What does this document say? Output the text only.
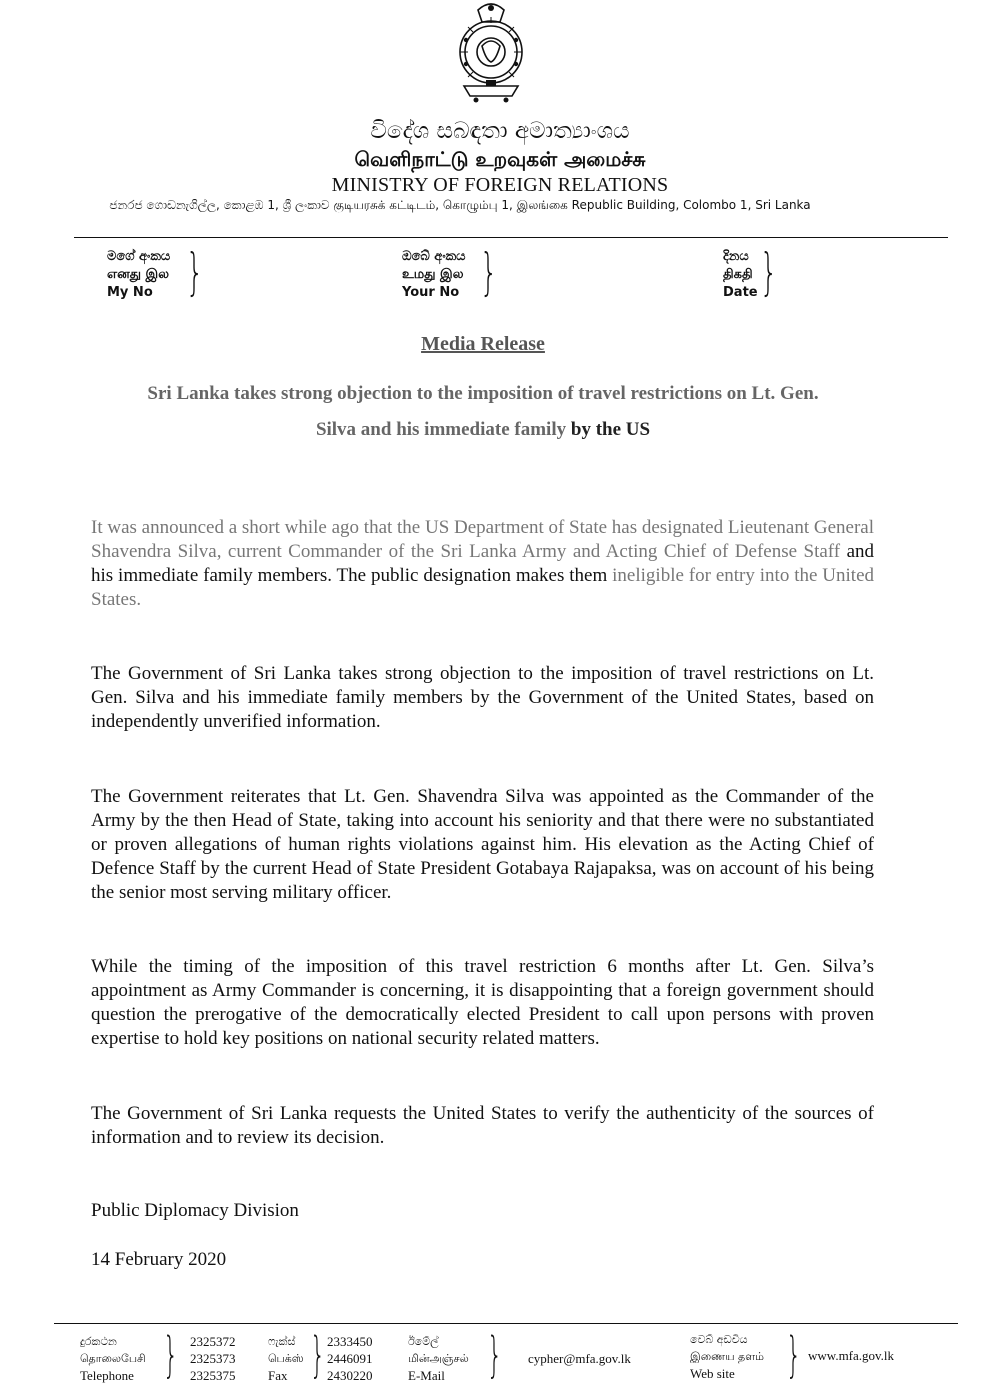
විදේශ සබඳතා අමාත්‍යාංශය
வெளிநாட்டு உறவுகள் அமைச்சு
MINISTRY OF FOREIGN RELATIONS
ජනරජ ගොඩනැගිල්ල, කොළඹ 1, ශ්‍රී ලංකාව குடியரசுக் கட்டிடம், கொழும்பு 1, இலங்கை Republic Building, Colombo 1, Sri Lanka
මගේ අංකය
எனது இல
My No }	ඔබේ අංකය
உமது இல
Your No }	දිනය
திகதி
Date }
Media Release
Sri Lanka takes strong objection to the imposition of travel restrictions on Lt. Gen.
Silva and his immediate family by the US
It was announced a short while ago that the US Department of State has designated Lieutenant General Shavendra Silva, current Commander of the Sri Lanka Army and Acting Chief of Defense Staff and his immediate family members. The public designation makes them ineligible for entry into the United States.
The Government of Sri Lanka takes strong objection to the imposition of travel restrictions on Lt. Gen. Silva and his immediate family members by the Government of the United States, based on independently unverified information.
The Government reiterates that Lt. Gen. Shavendra Silva was appointed as the Commander of the Army by the then Head of State, taking into account his seniority and that there were no substantiated or proven allegations of human rights violations against him. His elevation as the Acting Chief of Defence Staff by the current Head of State President Gotabaya Rajapaksa, was on account of his being the senior most serving military officer.
While the timing of the imposition of this travel restriction 6 months after Lt. Gen. Silva’s appointment as Army Commander is concerning, it is disappointing that a foreign government should question the prerogative of the democratically elected President to call upon persons with proven expertise to hold key positions on national security related matters.
The Government of Sri Lanka requests the United States to verify the authenticity of the sources of information and to review its decision.
Public Diplomacy Division
14 February 2020
දුරකථන
தொலைபேசி
Telephone } 2325372
2325373
2325375
ෆැක්ස්
பெக்ஸ்
Fax } 2333450
2446091
2430220
ඊමේල්
மின்அஞ்சல்
E-Mail } cypher@mfa.gov.lk
වෙබ් අඩවිය
இணைய தளம்
Web site	} www.mfa.gov.lk
